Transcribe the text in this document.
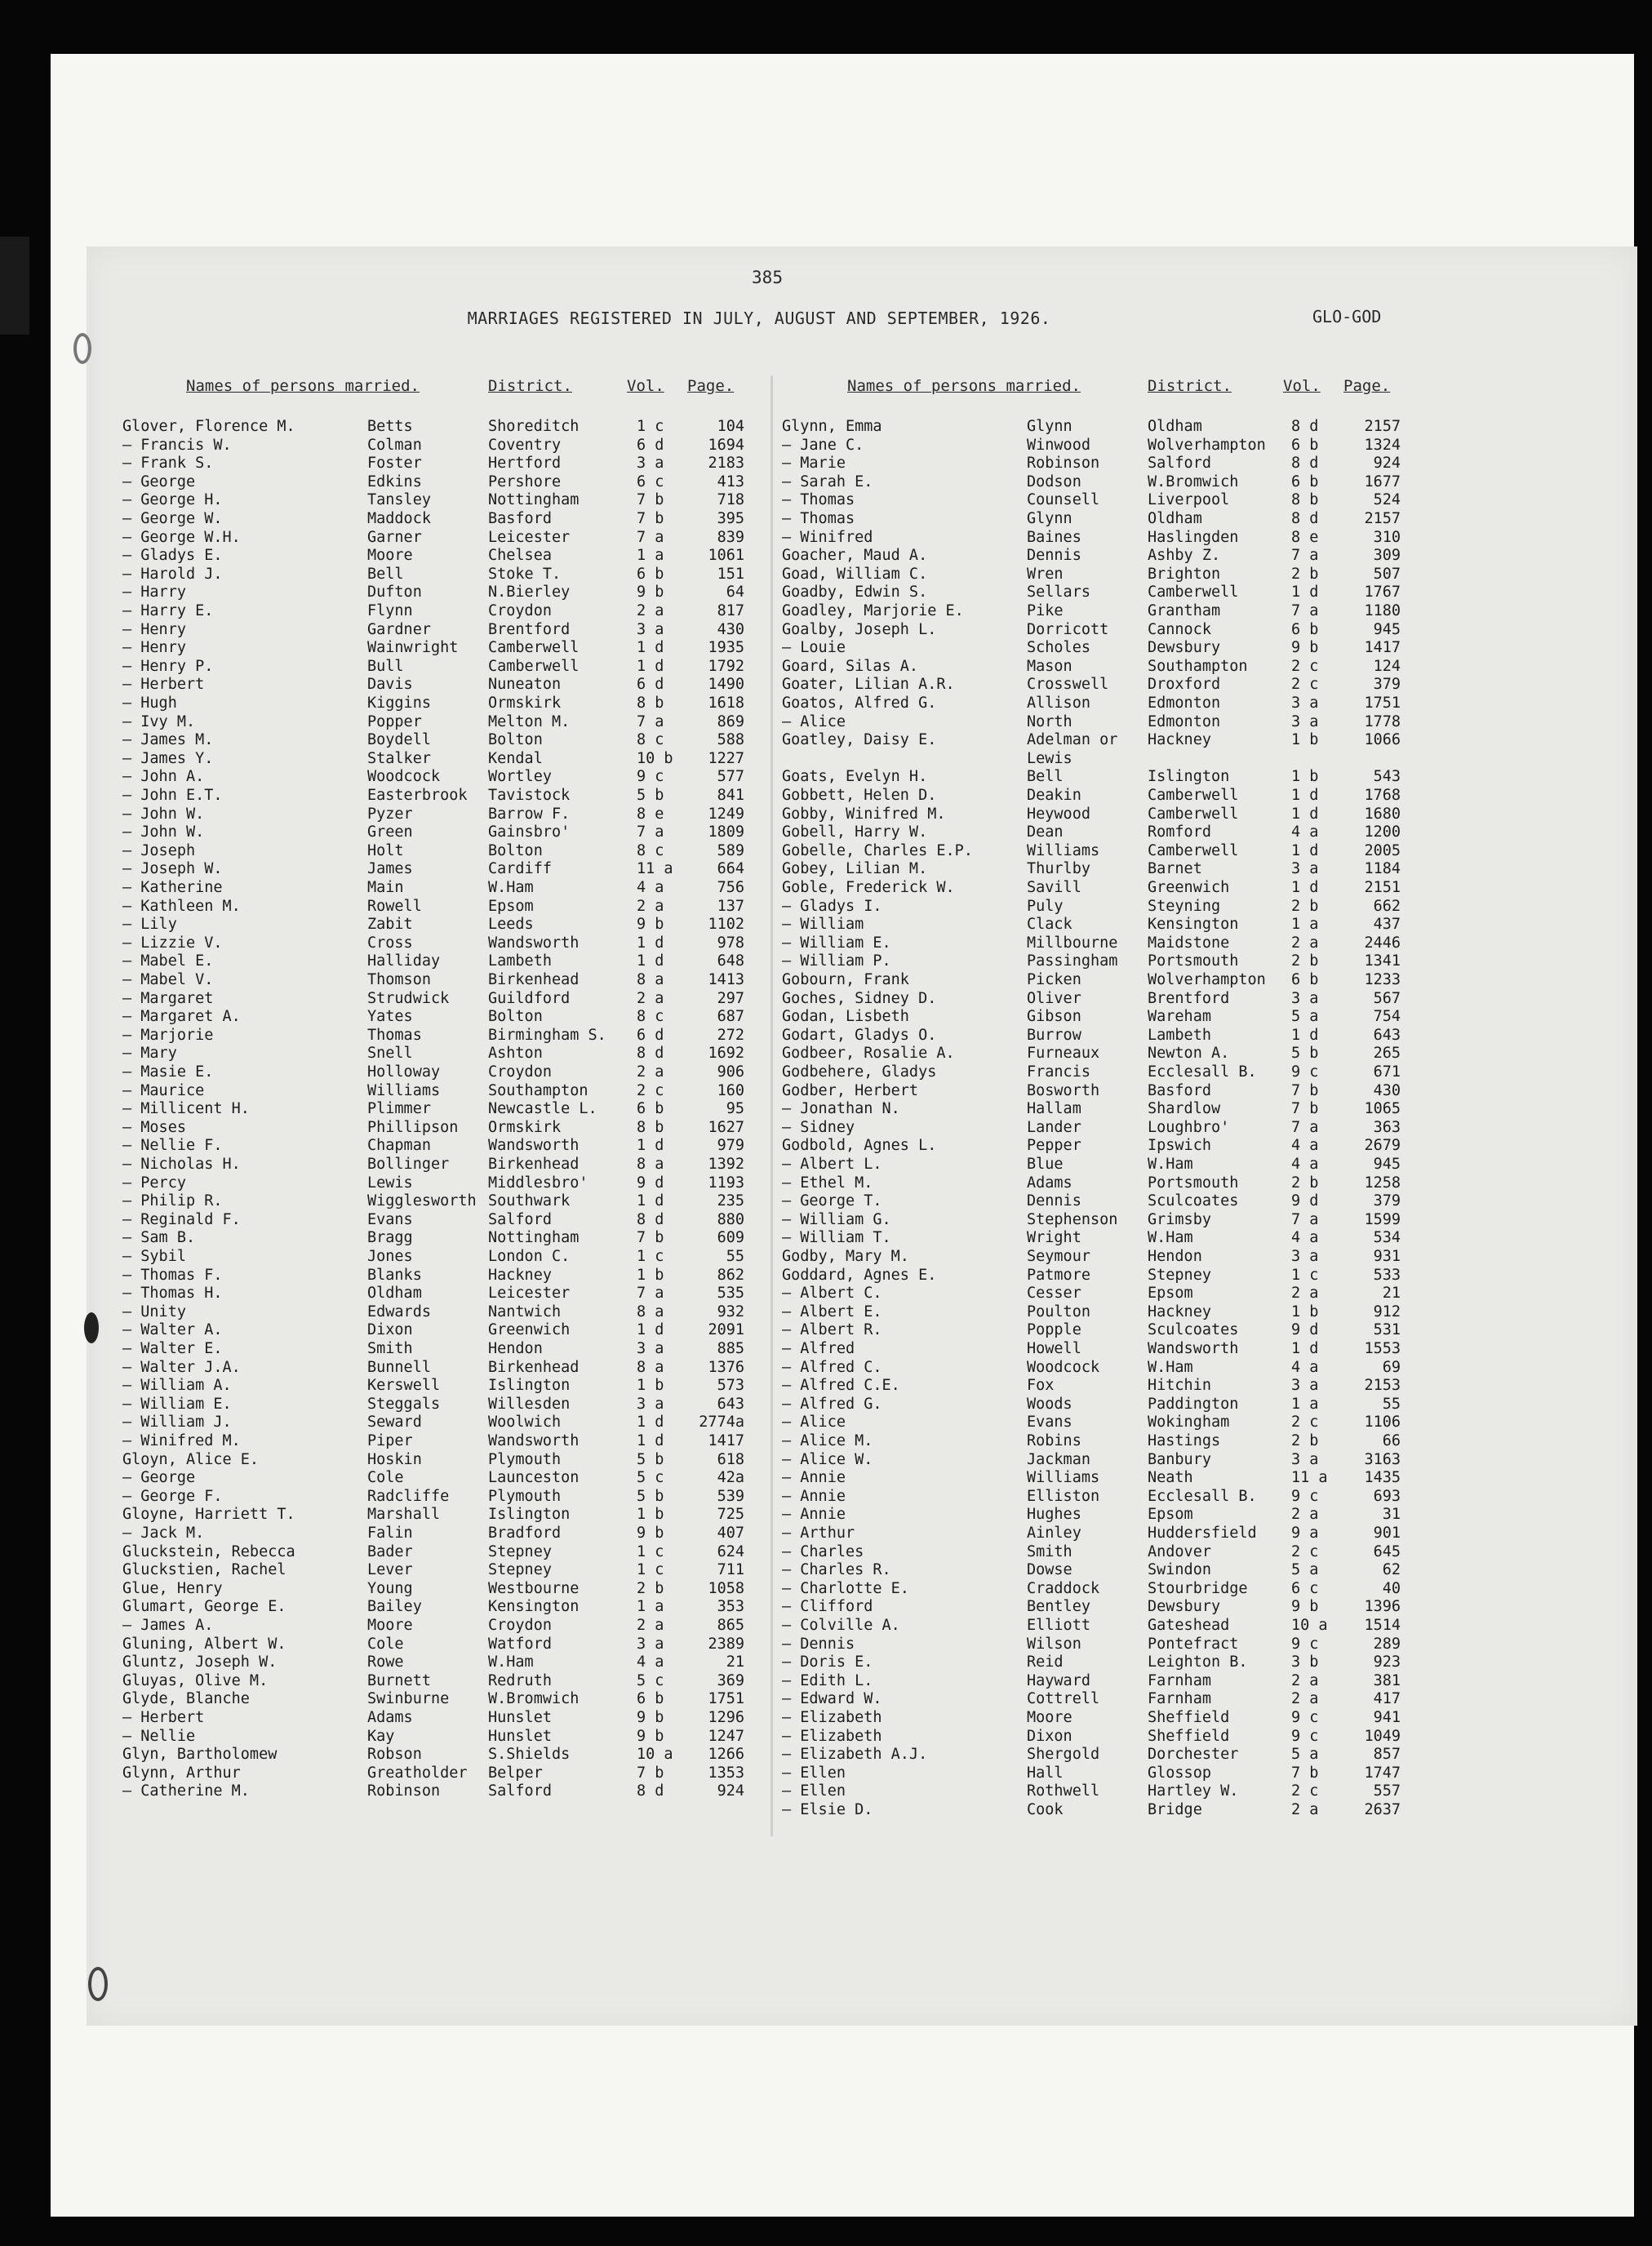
385
MARRIAGES REGISTERED IN JULY, AUGUST AND SEPTEMBER, 1926.	GLO-GOD
Names of persons married.	District.	Vol. Page.
Glover, Florence M.	Betts	Shoreditch	1 c	104
— Francis W.	Colman	Coventry	6 d	1694
— Frank S.	Foster	Hertford	3 a	2183
— George	Edkins	Pershore	6 c	413
— George H.	Tansley	Nottingham	7 b	718
— George W.	Maddock	Basford	7 b	395
— George W.H.	Garner	Leicester	7 a	839
— Gladys E.	Moore	Chelsea	1 a	1061
— Harold J.	Bell	Stoke T.	6 b	151
— Harry	Dufton	N.Bierley	9 b	64
— Harry E.	Flynn	Croydon	2 a	817
— Henry	Gardner	Brentford	3 a	430
— Henry	Wainwright Camberwell	1 d	1935
— Henry P.	Bull	Camberwell	1 d	1792
— Herbert	Davis	Nuneaton	6 d	1490
— Hugh	Kiggins	Ormskirk	8 b	1618
— Ivy M.	Popper	Melton M.	7 a	869
— James M.	Boydell	Bolton	8 c	588
— James Y.	Stalker	Kendal	10 b	1227
— John A.	Woodcock	Wortley	9 c	577
— John E.T.	Easterbrook Tavistock	5 b	841
— John W.	Pyzer	Barrow F.	8 e	1249
— John W.	Green	Gainsbro'	7 a	1809
— Joseph	Holt	Bolton	8 c	589
— Joseph W.	James	Cardiff	11 a	664
— Katherine	Main	W.Ham	4 a	756
— Kathleen M.	Rowell	Epsom	2 a	137
— Lily	Zabit	Leeds	9 b	1102
— Lizzie V.	Cross	Wandsworth	1 d	978
— Mabel E.	Halliday	Lambeth	1 d	648
— Mabel V.	Thomson	Birkenhead	8 a	1413
— Margaret	Strudwick	Guildford	2 a	297
— Margaret A.	Yates	Bolton	8 c	687
— Marjorie	Thomas	Birmingham S. 6 d	272
— Mary	Snell	Ashton	8 d	1692
— Masie E.	Holloway	Croydon	2 a	906
— Maurice	Williams	Southampton	2 c	160
— Millicent H.	Plimmer	Newcastle L.	6 b	95
— Moses	Phillipson Ormskirk	8 b	1627
— Nellie F.	Chapman	Wandsworth	1 d	979
— Nicholas H.	Bollinger	Birkenhead	8 a	1392
— Percy	Lewis	Middlesbro'	9 d	1193
— Philip R.	Wigglesworth Southwark	1 d	235
— Reginald F.	Evans	Salford	8 d	880
— Sam B.	Bragg	Nottingham	7 b	609
— Sybil	Jones	London C.	1 c	55
— Thomas F.	Blanks	Hackney	1 b	862
— Thomas H.	Oldham	Leicester	7 a	535
— Unity	Edwards	Nantwich	8 a	932
— Walter A.	Dixon	Greenwich	1 d	2091
— Walter E.	Smith	Hendon	3 a	885
— Walter J.A.	Bunnell	Birkenhead	8 a	1376
— William A.	Kerswell	Islington	1 b	573
— William E.	Steggals	Willesden	3 a	643
— William J.	Seward	Woolwich	1 d	2774a
— Winifred M.	Piper	Wandsworth	1 d	1417
Gloyn, Alice E.	Hoskin	Plymouth	5 b	618
— George	Cole	Launceston	5 c	42a
— George F.	Radcliffe	Plymouth	5 b	539
Gloyne, Harriett T.	Marshall	Islington	1 b	725
— Jack M.	Falin	Bradford	9 b	407
Gluckstein, Rebecca	Bader	Stepney	1 c	624
Gluckstien, Rachel	Lever	Stepney	1 c	711
Glue, Henry	Young	Westbourne	2 b	1058
Glumart, George E.	Bailey	Kensington	1 a	353
— James A.	Moore	Croydon	2 a	865
Gluning, Albert W.	Cole	Watford	3 a	2389
Gluntz, Joseph W.	Rowe	W.Ham	4 a	21
Gluyas, Olive M.	Burnett	Redruth	5 c	369
Glyde, Blanche	Swinburne	W.Bromwich	6 b	1751
— Herbert	Adams	Hunslet	9 b	1296
— Nellie	Kay	Hunslet	9 b	1247
Glyn, Bartholomew	Robson	S.Shields	10 a	1266
Glynn, Arthur	Greatholder Belper	7 b	1353
— Catherine M.	Robinson	Salford	8 d	924
Names of persons married.	District.	Vol. Page.
Glynn, Emma	Glynn	Oldham	8 d	2157
— Jane C.	Winwood	Wolverhampton 6 b	1324
— Marie	Robinson	Salford	8 d	924
— Sarah E.	Dodson	W.Bromwich	6 b	1677
— Thomas	Counsell	Liverpool	8 b	524
— Thomas	Glynn	Oldham	8 d	2157
— Winifred	Baines	Haslingden	8 e	310
Goacher, Maud A.	Dennis	Ashby Z.	7 a	309
Goad, William C.	Wren	Brighton	2 b	507
Goadby, Edwin S.	Sellars	Camberwell	1 d	1767
Goadley, Marjorie E.	Pike	Grantham	7 a	1180
Goalby, Joseph L.	Dorricott	Cannock	6 b	945
— Louie	Scholes	Dewsbury	9 b	1417
Goard, Silas A.	Mason	Southampton	2 c	124
Goater, Lilian A.R.	Crosswell	Droxford	2 c	379
Goatos, Alfred G.	Allison	Edmonton	3 a	1751
— Alice	North	Edmonton	3 a	1778
Goatley, Daisy E.	Adelman or Hackney	1 b	1066
Lewis
Goats, Evelyn H.	Bell	Islington	1 b	543
Gobbett, Helen D.	Deakin	Camberwell	1 d	1768
Gobby, Winifred M.	Heywood	Camberwell	1 d	1680
Gobell, Harry W.	Dean	Romford	4 a	1200
Gobelle, Charles E.P.	Williams	Camberwell	1 d	2005
Gobey, Lilian M.	Thurlby	Barnet	3 a	1184
Goble, Frederick W.	Savill	Greenwich	1 d	2151
— Gladys I.	Puly	Steyning	2 b	662
— William	Clack	Kensington	1 a	437
— William E.	Millbourne Maidstone	2 a	2446
— William P.	Passingham Portsmouth	2 b	1341
Gobourn, Frank	Picken	Wolverhampton 6 b	1233
Goches, Sidney D.	Oliver	Brentford	3 a	567
Godan, Lisbeth	Gibson	Wareham	5 a	754
Godart, Gladys O.	Burrow	Lambeth	1 d	643
Godbeer, Rosalie A.	Furneaux	Newton A.	5 b	265
Godbehere, Gladys	Francis	Ecclesall B. 9 c	671
Godber, Herbert	Bosworth	Basford	7 b	430
— Jonathan N.	Hallam	Shardlow	7 b	1065
— Sidney	Lander	Loughbro'	7 a	363
Godbold, Agnes L.	Pepper	Ipswich	4 a	2679
— Albert L.	Blue	W.Ham	4 a	945
— Ethel M.	Adams	Portsmouth	2 b	1258
— George T.	Dennis	Sculcoates	9 d	379
— William G.	Stephenson Grimsby	7 a	1599
— William T.	Wright	W.Ham	4 a	534
Godby, Mary M.	Seymour	Hendon	3 a	931
Goddard, Agnes E.	Patmore	Stepney	1 c	533
— Albert C.	Cesser	Epsom	2 a	21
— Albert E.	Poulton	Hackney	1 b	912
— Albert R.	Popple	Sculcoates	9 d	531
— Alfred	Howell	Wandsworth	1 d	1553
— Alfred C.	Woodcock	W.Ham	4 a	69
— Alfred C.E.	Fox	Hitchin	3 a	2153
— Alfred G.	Woods	Paddington	1 a	55
— Alice	Evans	Wokingham	2 c	1106
— Alice M.	Robins	Hastings	2 b	66
— Alice W.	Jackman	Banbury	3 a	3163
— Annie	Williams	Neath	11 a	1435
— Annie	Elliston	Ecclesall B. 9 c	693
— Annie	Hughes	Epsom	2 a	31
— Arthur	Ainley	Huddersfield 9 a	901
— Charles	Smith	Andover	2 c	645
— Charles R.	Dowse	Swindon	5 a	62
— Charlotte E.	Craddock	Stourbridge	6 c	40
— Clifford	Bentley	Dewsbury	9 b	1396
— Colville A.	Elliott	Gateshead	10 a	1514
— Dennis	Wilson	Pontefract	9 c	289
— Doris E.	Reid	Leighton B.	3 b	923
— Edith L.	Hayward	Farnham	2 a	381
— Edward W.	Cottrell	Farnham	2 a	417
— Elizabeth	Moore	Sheffield	9 c	941
— Elizabeth	Dixon	Sheffield	9 c	1049
— Elizabeth A.J.	Shergold	Dorchester	5 a	857
— Ellen	Hall	Glossop	7 b	1747
— Ellen	Rothwell	Hartley W.	2 c	557
— Elsie D.	Cook	Bridge	2 a	2637
